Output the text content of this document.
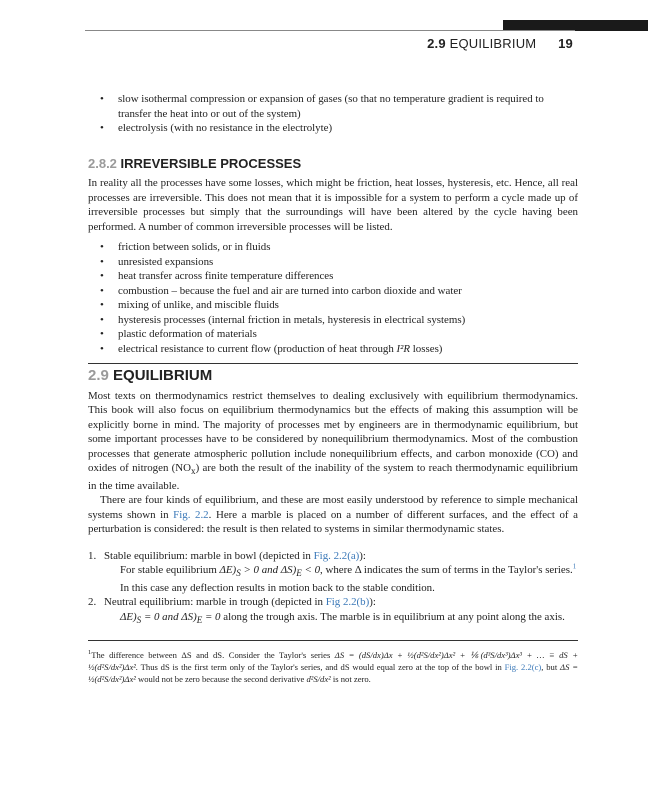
2.9 EQUILIBRIUM 19
• slow isothermal compression or expansion of gases (so that no temperature gradient is required to transfer the heat into or out of the system)
• electrolysis (with no resistance in the electrolyte)
2.8.2 IRREVERSIBLE PROCESSES

In reality all the processes have some losses, which might be friction, heat losses, hysteresis, etc. Hence, all real processes are irreversible. This does not mean that it is impossible for a system to perform a cycle made up of irreversible processes but simply that the surroundings will have been altered by the cycle having been performed. A number of common irreversible processes will be listed.

• friction between solids, or in fluids
• unresisted expansions
• heat transfer across finite temperature differences
• combustion – because the fuel and air are turned into carbon dioxide and water
• mixing of unlike, and miscible fluids
• hysteresis processes (internal friction in metals, hysteresis in electrical systems)
• plastic deformation of materials
• electrical resistance to current flow (production of heat through I²R losses)
2.9 EQUILIBRIUM

Most texts on thermodynamics restrict themselves to dealing exclusively with equilibrium thermodynamics. This book will also focus on equilibrium thermodynamics but the effects of making this assumption will be explicitly borne in mind. The majority of processes met by engineers are in thermodynamic equilibrium, but some important processes have to be considered by nonequilibrium thermodynamics. Most of the combustion processes that generate atmospheric pollution include nonequilibrium effects, and carbon monoxide (CO) and oxides of nitrogen $(NO_x)$ are both the result of the inability of the system to reach thermodynamic equilibrium in the time available.

There are four kinds of equilibrium, and these are most easily understood by reference to simple mechanical systems shown in Fig. 2.2. Here a marble is placed on a number of different surfaces, and the effect of a perturbation is considered: the result is then related to systems in similar thermodynamic states.

1. Stable equilibrium: marble in bowl (depicted in Fig. 2.2(a)):
For stable equilibrium $\Delta E)_S > 0$ and $\Delta S)_E < 0$, where Δ indicates the sum of terms in the Taylor's series.$^1$
In this case any deflection results in motion back to the stable condition.
2. Neutral equilibrium: marble in trough (depicted in Fig 2.2(b)):
$\Delta E)_S = 0$ and $\Delta S)_E = 0$ along the trough axis. The marble is in equilibrium at any point along the axis.

$^1$The difference between ΔS and dS. Consider the Taylor's series ΔS = (dS/dx)Δx + ½(d²S/dx²)Δx² + ⅙(d³S/dx³)Δx³ + … ≡ dS + ½(d²S/dx²)Δx². Thus dS is the first term only of the Taylor's series, and dS would equal zero at the top of the bowl in Fig. 2.2(c), but ΔS = ½(d²S/dx²)Δx² would not be zero because the second derivative d²S/dx² is not zero.
